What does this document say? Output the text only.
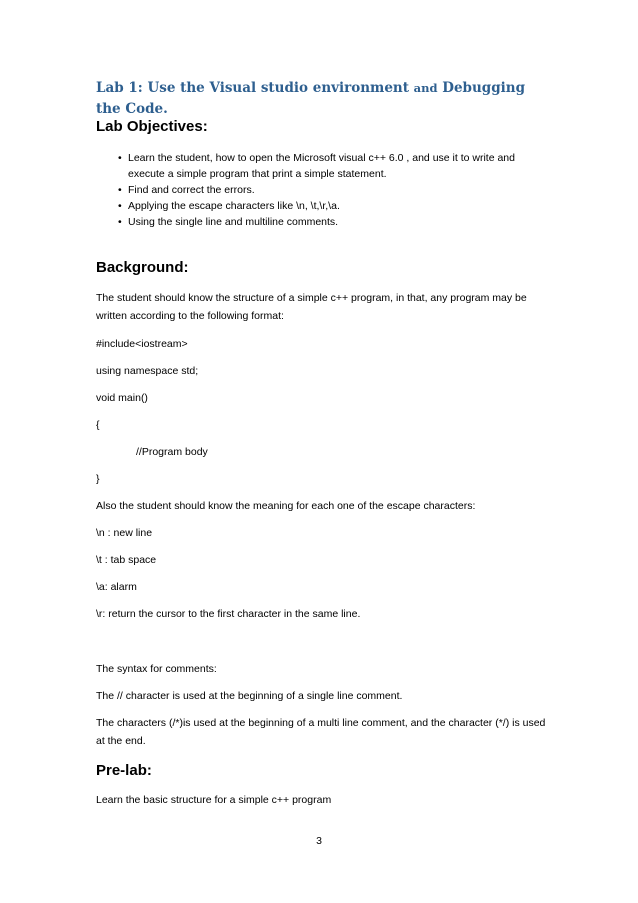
Lab 1: Use the Visual studio environment and Debugging the Code.
Lab Objectives:
• Learn the student, how to open the Microsoft visual c++ 6.0 , and use it to write and execute a simple program that print a simple statement.
• Find and correct the errors.
• Applying the escape characters like \n, \t,\r,\a.
• Using the single line and multiline comments.
Background:

The student should know the structure of a simple c++ program, in that, any program may be written according to the following format:

#include<iostream>

using namespace std;

void main()

{

//Program body

}

Also the student should know the meaning for each one of the escape characters:

\n : new line

\t : tab space

\a: alarm

\r: return the cursor to the first character in the same line.

The syntax for comments:

The // character is used at the beginning of a single line comment.

The characters (/*)is used at the beginning of a multi line comment, and the character (*/) is used at the end.

Pre-lab:

Learn the basic structure for a simple c++ program

3
